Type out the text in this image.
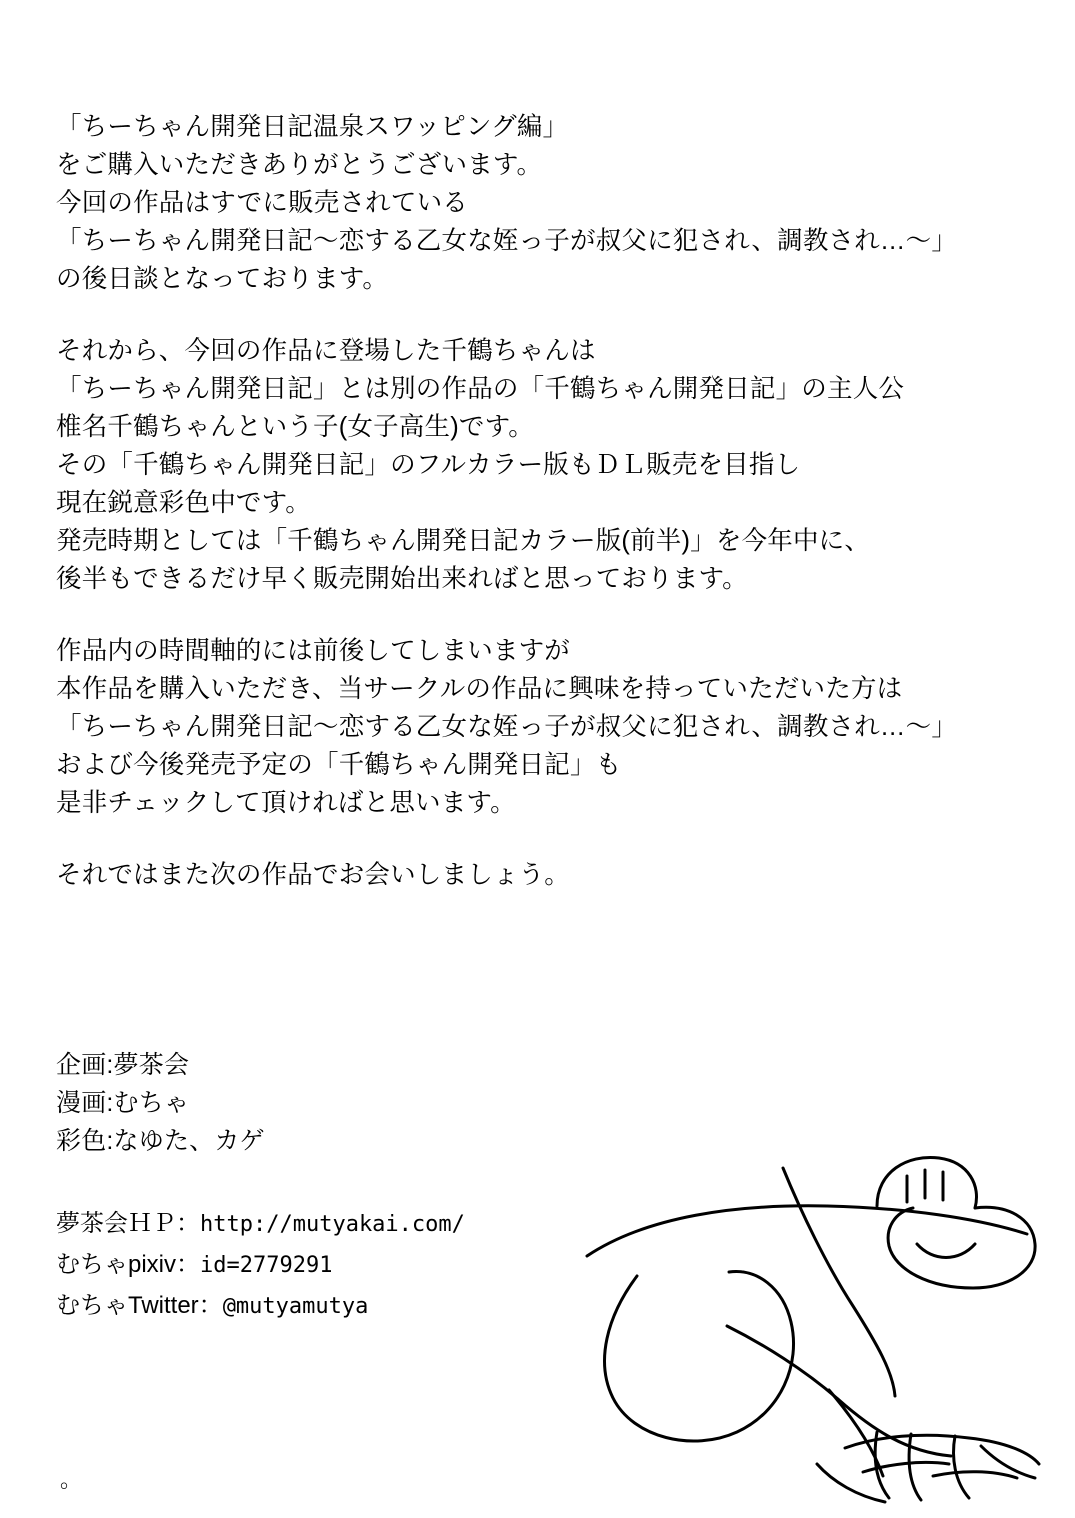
「ちーちゃん開発日記温泉スワッピング編」
をご購入いただきありがとうございます。
今回の作品はすでに販売されている
「ちーちゃん開発日記～恋する乙女な姪っ子が叔父に犯され、調教され…～」
の後日談となっております。
それから、今回の作品に登場した千鶴ちゃんは
「ちーちゃん開発日記」とは別の作品の「千鶴ちゃん開発日記」の主人公
椎名千鶴ちゃんという子(女子高生)です。
その「千鶴ちゃん開発日記」のフルカラー版もＤＬ販売を目指し
現在鋭意彩色中です。
発売時期としては「千鶴ちゃん開発日記カラー版(前半)」を今年中に、
後半もできるだけ早く販売開始出来ればと思っております。
作品内の時間軸的には前後してしまいますが
本作品を購入いただき、当サークルの作品に興味を持っていただいた方は
「ちーちゃん開発日記～恋する乙女な姪っ子が叔父に犯され、調教され…～」
および今後発売予定の「千鶴ちゃん開発日記」も
是非チェックして頂ければと思います。
それではまた次の作品でお会いしましょう。
企画:夢茶会
漫画:むちゃ
彩色:なゆた、カゲ
夢茶会ＨＰ：http://mutyakai.com/
むちゃpixiv：id=2779291
むちゃTwitter：@mutyamutya
。
